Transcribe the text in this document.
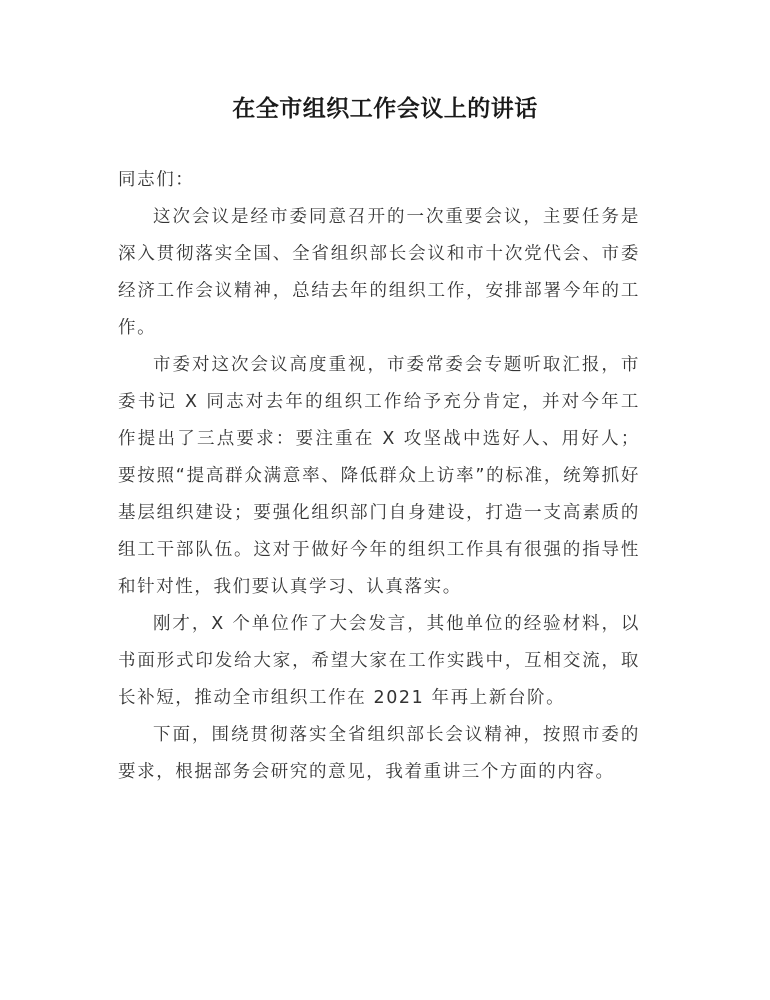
在全市组织工作会议上的讲话

同志们：

这次会议是经市委同意召开的一次重要会议，主要任务是深入贯彻落实全国、全省组织部长会议和市十次党代会、市委经济工作会议精神，总结去年的组织工作，安排部署今年的工作。

市委对这次会议高度重视，市委常委会专题听取汇报，市委书记 X 同志对去年的组织工作给予充分肯定，并对今年工作提出了三点要求：要注重在 X 攻坚战中选好人、用好人；要按照“提高群众满意率、降低群众上访率”的标准，统筹抓好基层组织建设；要强化组织部门自身建设，打造一支高素质的组工干部队伍。这对于做好今年的组织工作具有很强的指导性和针对性，我们要认真学习、认真落实。

刚才，X 个单位作了大会发言，其他单位的经验材料，以书面形式印发给大家，希望大家在工作实践中，互相交流，取长补短，推动全市组织工作在 2021 年再上新台阶。

下面，围绕贯彻落实全省组织部长会议精神，按照市委的要求，根据部务会研究的意见，我着重讲三个方面的内容。
